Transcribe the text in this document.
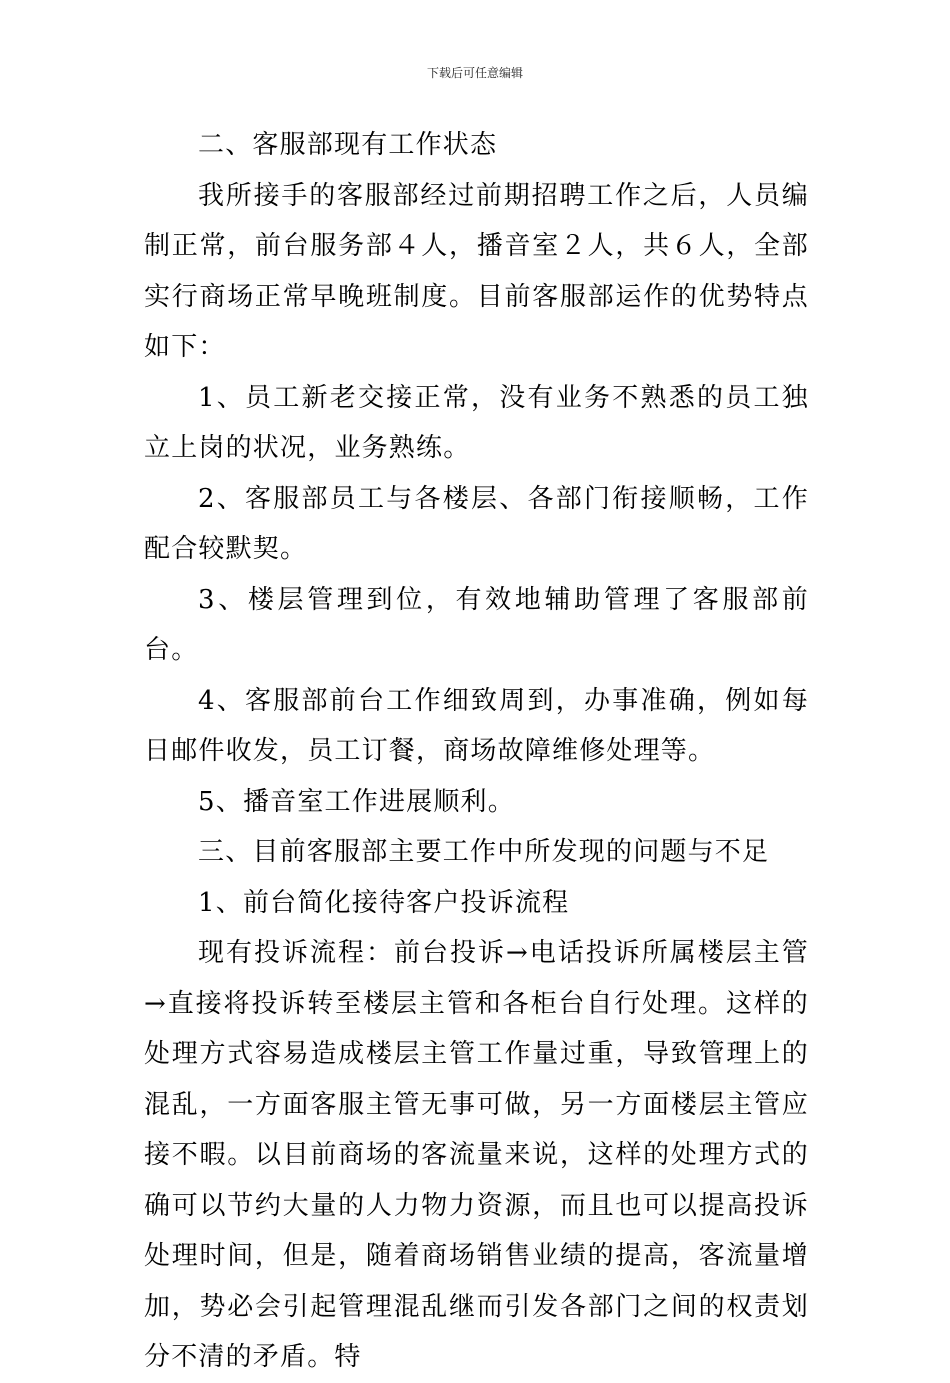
下载后可任意编辑

二、客服部现有工作状态

我所接手的客服部经过前期招聘工作之后，人员编制正常，前台服务部４人，播音室２人，共６人，全部实行商场正常早晚班制度。目前客服部运作的优势特点如下：

1、员工新老交接正常，没有业务不熟悉的员工独立上岗的状况，业务熟练。

2、客服部员工与各楼层、各部门衔接顺畅，工作配合较默契。

3、楼层管理到位，有效地辅助管理了客服部前台。

4、客服部前台工作细致周到，办事准确，例如每日邮件收发，员工订餐，商场故障维修处理等。

5、播音室工作进展顺利。

三、目前客服部主要工作中所发现的问题与不足

1、前台简化接待客户投诉流程

现有投诉流程：前台投诉→电话投诉所属楼层主管→直接将投诉转至楼层主管和各柜台自行处理。这样的处理方式容易造成楼层主管工作量过重，导致管理上的混乱，一方面客服主管无事可做，另一方面楼层主管应接不暇。以目前商场的客流量来说，这样的处理方式的确可以节约大量的人力物力资源，而且也可以提高投诉处理时间，但是，随着商场销售业绩的提高，客流量增加，势必会引起管理混乱继而引发各部门之间的权责划分不清的矛盾。特
